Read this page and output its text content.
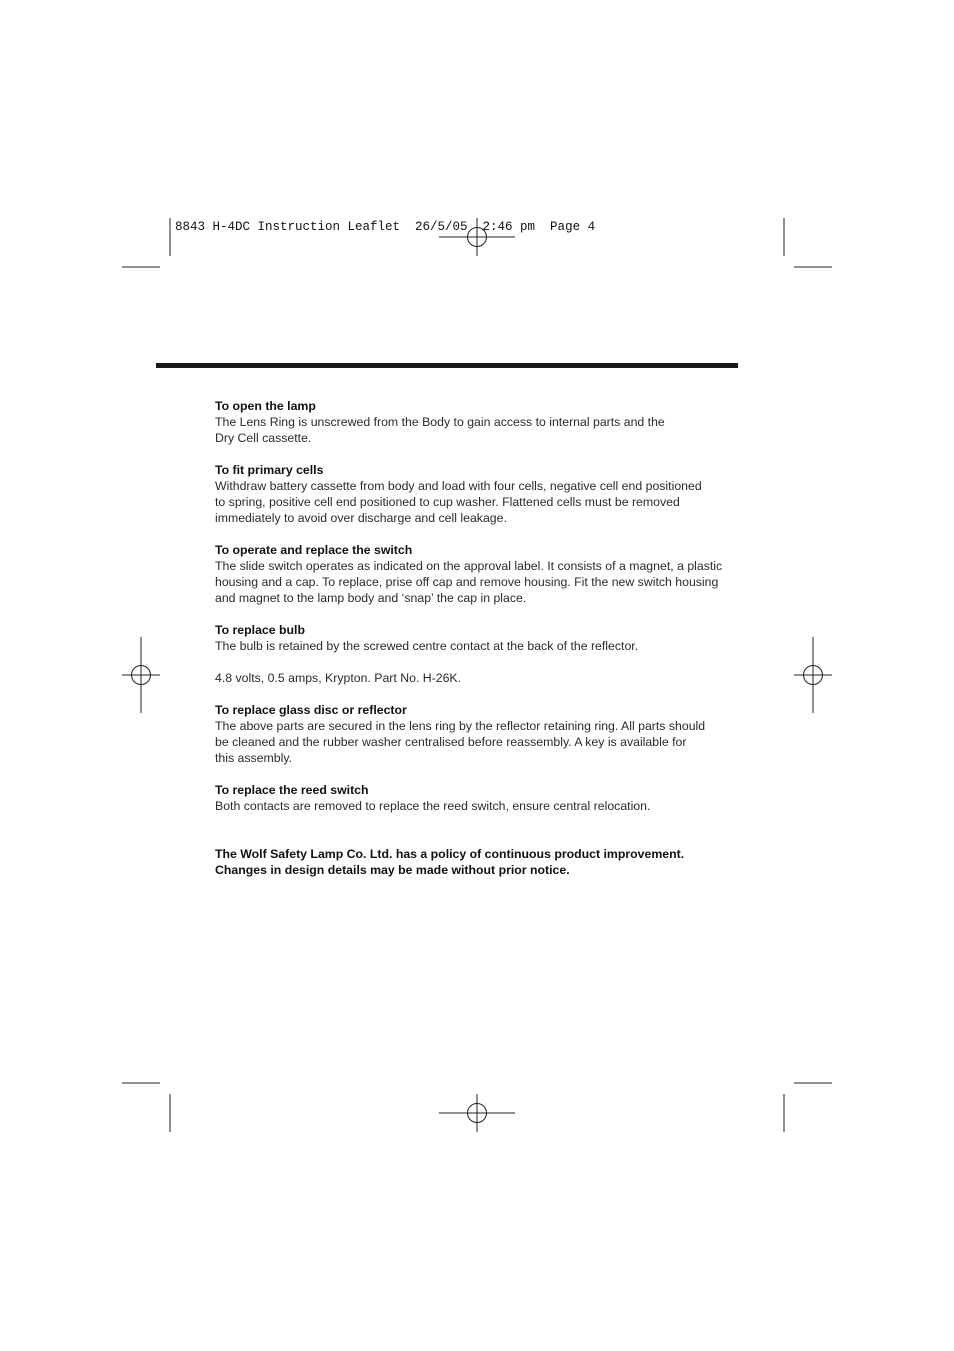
8843 H-4DC Instruction Leaflet  26/5/05  2:46 pm  Page 4
To open the lamp
The Lens Ring is unscrewed from the Body to gain access to internal parts and the
Dry Cell cassette.
To fit primary cells
Withdraw battery cassette from body and load with four cells, negative cell end positioned
to spring, positive cell end positioned to cup washer. Flattened cells must be removed
immediately to avoid over discharge and cell leakage.
To operate and replace the switch
The slide switch operates as indicated on the approval label. It consists of a magnet, a plastic
housing and a cap. To replace, prise off cap and remove housing. Fit the new switch housing
and magnet to the lamp body and ‘snap’ the cap in place.
To replace bulb
The bulb is retained by the screwed centre contact at the back of the reflector.
4.8 volts, 0.5 amps, Krypton. Part No. H-26K.
To replace glass disc or reflector
The above parts are secured in the lens ring by the reflector retaining ring. All parts should
be cleaned and the rubber washer centralised before reassembly. A key is available for
this assembly.
To replace the reed switch
Both contacts are removed to replace the reed switch, ensure central relocation.
The Wolf Safety Lamp Co. Ltd. has a policy of continuous product improvement.
Changes in design details may be made without prior notice.
